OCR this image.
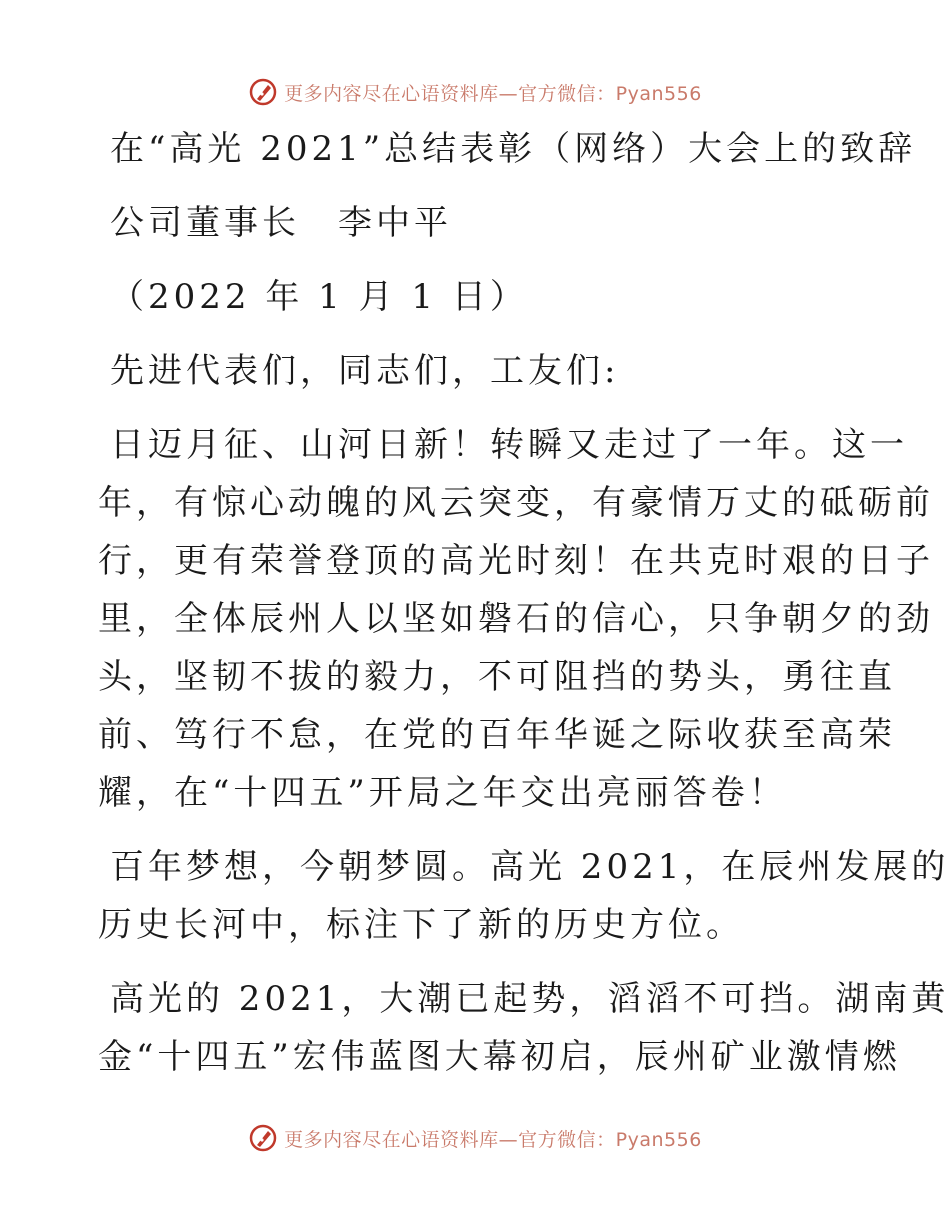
更多内容尽在心语资料库—官方微信：Pyan556
在“高光 2021”总结表彰（网络）大会上的致辞
公司董事长　李中平
（2022 年 1 月 1 日）
先进代表们，同志们，工友们:
日迈月征、山河日新！转瞬又走过了一年。这一
年，有惊心动魄的风云突变，有豪情万丈的砥砺前
行，更有荣誉登顶的高光时刻！在共克时艰的日子
里，全体辰州人以坚如磐石的信心，只争朝夕的劲
头，坚韧不拔的毅力，不可阻挡的势头，勇往直
前、笃行不怠，在党的百年华诞之际收获至高荣
耀，在“十四五”开局之年交出亮丽答卷！
百年梦想，今朝梦圆。高光 2021，在辰州发展的
历史长河中，标注下了新的历史方位。
高光的 2021，大潮已起势，滔滔不可挡。湖南黄
金“十四五”宏伟蓝图大幕初启，辰州矿业激情燃
更多内容尽在心语资料库—官方微信：Pyan556
